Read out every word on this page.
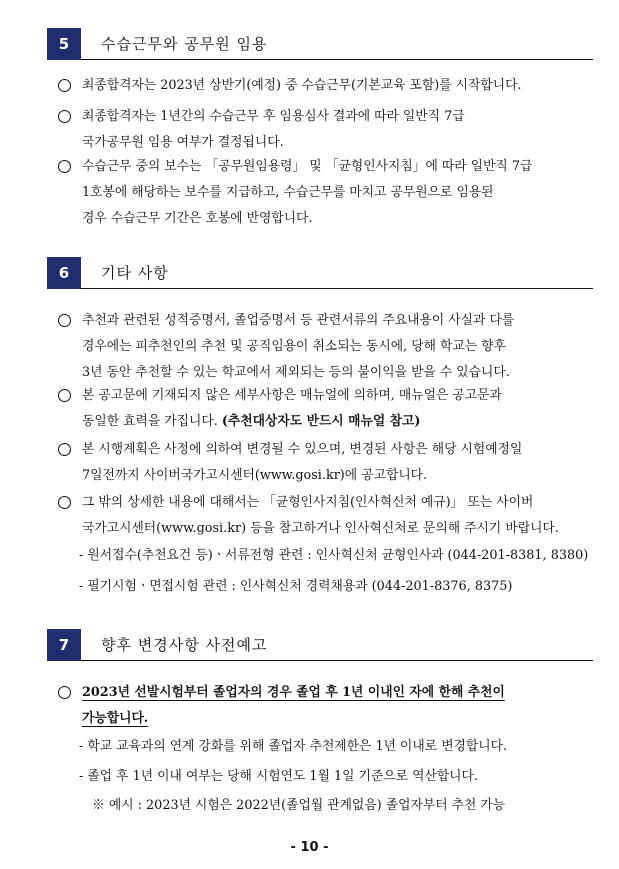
5	수습근무와 공무원 임용
최종합격자는 2023년 상반기(예정) 중 수습근무(기본교육 포함)를 시작합니다.
최종합격자는 1년간의 수습근무 후 임용심사 결과에 따라 일반직 7급
국가공무원 임용 여부가 결정됩니다.
수습근무 중의 보수는 「공무원임용령」 및 「균형인사지침」에 따라 일반직 7급
1호봉에 해당하는 보수를 지급하고, 수습근무를 마치고 공무원으로 임용된
경우 수습근무 기간은 호봉에 반영합니다.
6	기타 사항
추천과 관련된 성적증명서, 졸업증명서 등 관련서류의 주요내용이 사실과 다를
경우에는 피추천인의 추천 및 공직임용이 취소되는 동시에, 당해 학교는 향후
3년 동안 추천할 수 있는 학교에서 제외되는 등의 불이익을 받을 수 있습니다.
본 공고문에 기재되지 않은 세부사항은 매뉴얼에 의하며, 매뉴얼은 공고문과
동일한 효력을 가집니다. (추천대상자도 반드시 매뉴얼 참고)
본 시행계획은 사정에 의하여 변경될 수 있으며, 변경된 사항은 해당 시험예정일
7일전까지 사이버국가고시센터(www.gosi.kr)에 공고합니다.
그 밖의 상세한 내용에 대해서는 「균형인사지침(인사혁신처 예규)」 또는 사이버
국가고시센터(www.gosi.kr) 등을 참고하거나 인사혁신처로 문의해 주시기 바랍니다.
- 원서접수(추천요건 등)ㆍ서류전형 관련 : 인사혁신처 균형인사과 (044-201-8381, 8380)
- 필기시험ㆍ면접시험 관련 : 인사혁신처 경력채용과 (044-201-8376, 8375)
7	향후 변경사항 사전예고
2023년 선발시험부터 졸업자의 경우 졸업 후 1년 이내인 자에 한해 추천이
가능합니다.
- 학교 교육과의 연계 강화를 위해 졸업자 추천제한은 1년 이내로 변경합니다.
- 졸업 후 1년 이내 여부는 당해 시험연도 1월 1일 기준으로 역산합니다.
※ 예시 : 2023년 시험은 2022년(졸업월 관계없음) 졸업자부터 추천 가능
- 10 -
